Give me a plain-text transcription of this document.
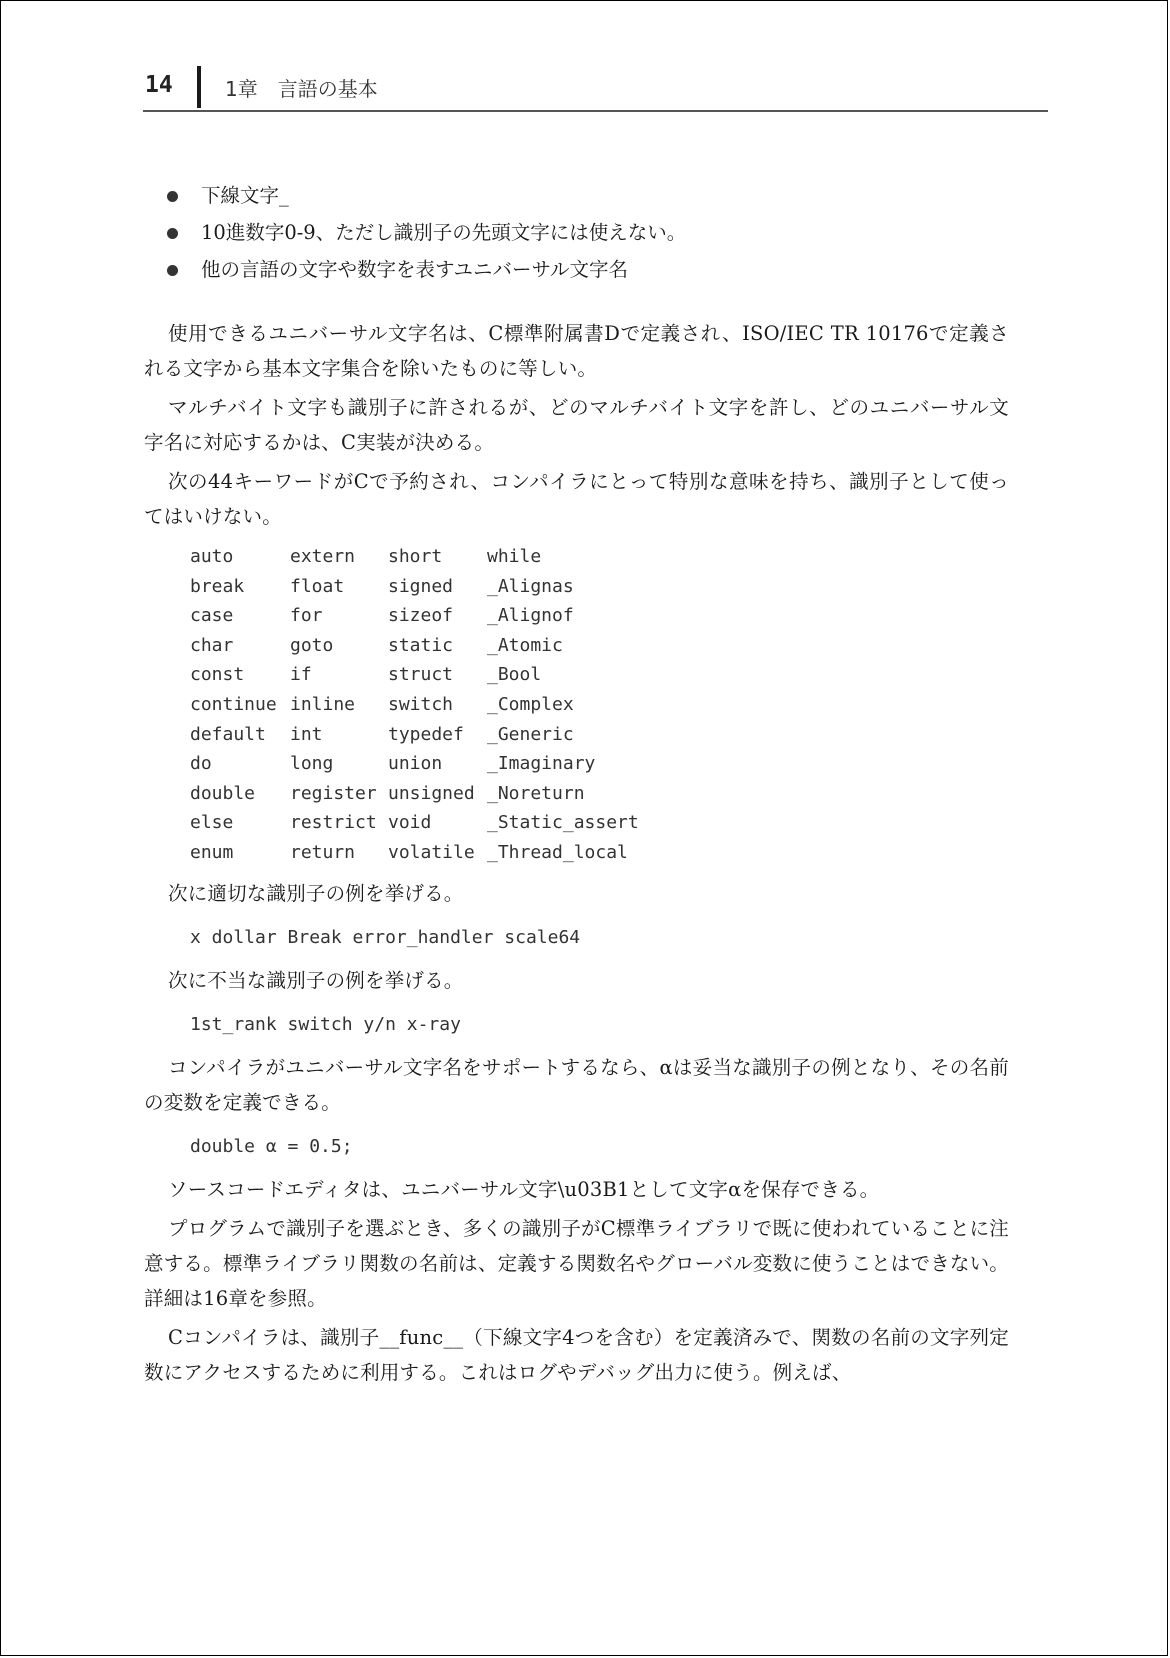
14	1章　言語の基本
下線文字_
10進数字0-9、ただし識別子の先頭文字には使えない。
他の言語の文字や数字を表すユニバーサル文字名

使用できるユニバーサル文字名は、C標準附属書Dで定義され、ISO/IEC TR 10176で定義される文字から基本文字集合を除いたものに等しい。

マルチバイト文字も識別子に許されるが、どのマルチバイト文字を許し、どのユニバーサル文字名に対応するかは、C実装が決める。

次の44キーワードがCで予約され、コンパイラにとって特別な意味を持ち、識別子として使ってはいけない。

auto	extern	short	while
break	float	signed	_Alignas
case	for	sizeof	_Alignof
char	goto	static	_Atomic
const	if	struct	_Bool
continue	inline	switch	_Complex
default	int	typedef	_Generic
do	long	union	_Imaginary
double	register	unsigned	_Noreturn
else	restrict	void	_Static_assert
enum	return	volatile	_Thread_local

次に適切な識別子の例を挙げる。

x dollar Break error_handler scale64

次に不当な識別子の例を挙げる。

1st_rank switch y/n x-ray

コンパイラがユニバーサル文字名をサポートするなら、αは妥当な識別子の例となり、その名前の変数を定義できる。

double α = 0.5;

ソースコードエディタは、ユニバーサル文字\u03B1として文字αを保存できる。

プログラムで識別子を選ぶとき、多くの識別子がC標準ライブラリで既に使われていることに注意する。標準ライブラリ関数の名前は、定義する関数名やグローバル変数に使うことはできない。詳細は16章を参照。

Cコンパイラは、識別子__func__（下線文字4つを含む）を定義済みで、関数の名前の文字列定数にアクセスするために利用する。これはログやデバッグ出力に使う。例えば、
